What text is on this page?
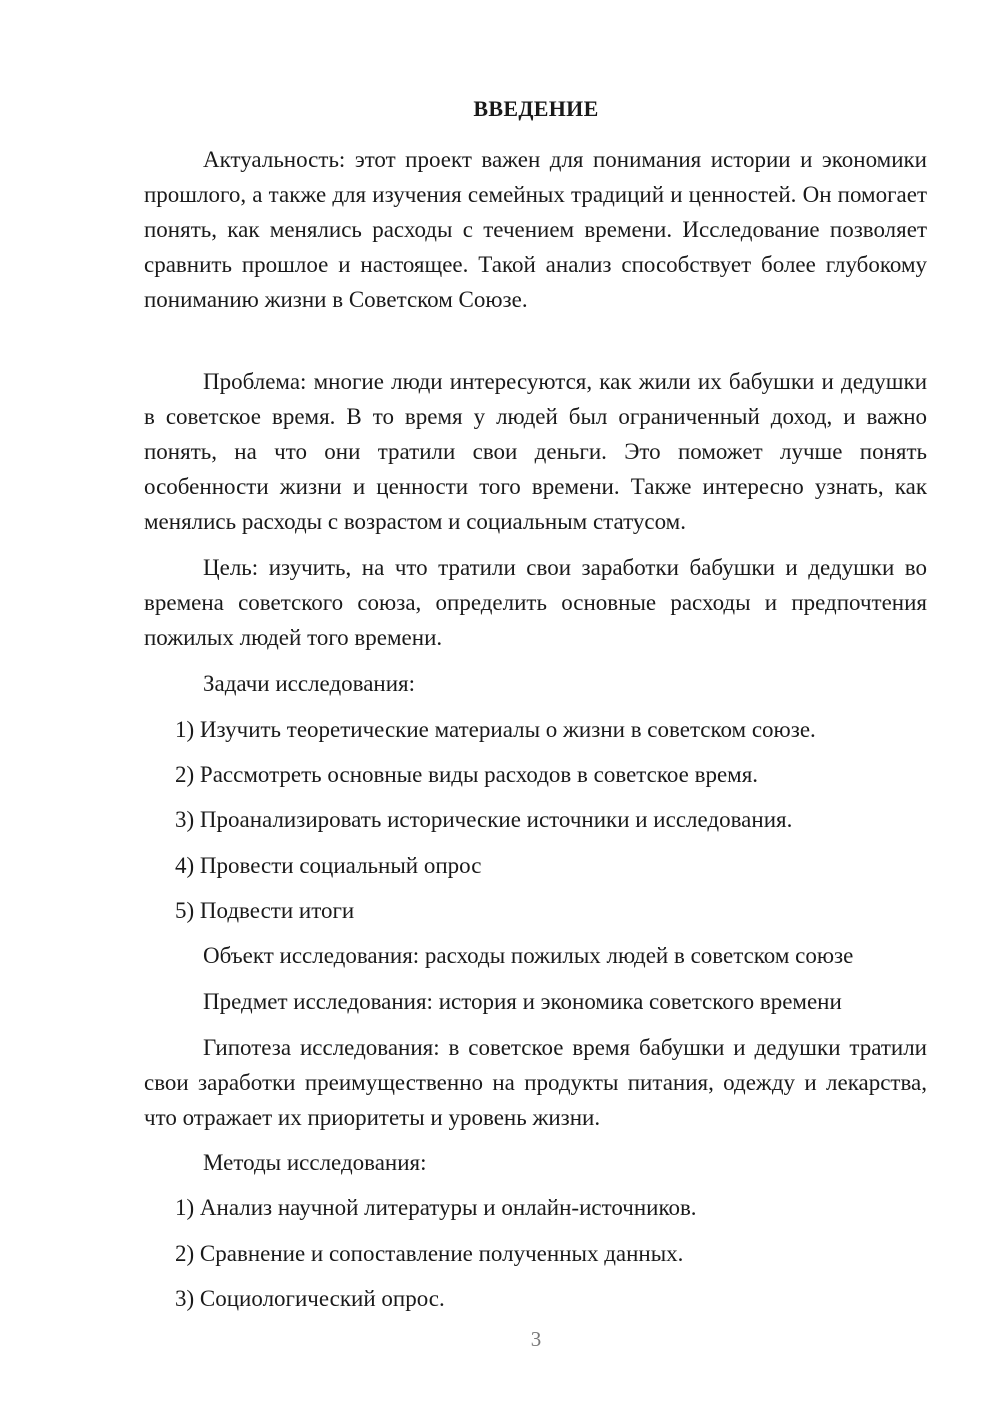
ВВЕДЕНИЕ

Актуальность: этот проект важен для понимания истории и экономики прошлого, а также для изучения семейных традиций и ценностей. Он помогает понять, как менялись расходы с течением времени. Исследование позволяет сравнить прошлое и настоящее. Такой анализ способствует более глубокому пониманию жизни в Советском Союзе.

Проблема: многие люди интересуются, как жили их бабушки и дедушки в советское время. В то время у людей был ограниченный доход, и важно понять, на что они тратили свои деньги. Это поможет лучше понять особенности жизни и ценности того времени. Также интересно узнать, как менялись расходы с возрастом и социальным статусом.

Цель: изучить, на что тратили свои заработки бабушки и дедушки во времена советского союза, определить основные расходы и предпочтения пожилых людей того времени.

Задачи исследования:

1) Изучить теоретические материалы о жизни в советском союзе.

2) Рассмотреть основные виды расходов в советское время.

3) Проанализировать исторические источники и исследования.

4) Провести социальный опрос

5) Подвести итоги

Объект исследования: расходы пожилых людей в советском союзе

Предмет исследования: история и экономика советского времени

Гипотеза исследования: в советское время бабушки и дедушки тратили свои заработки преимущественно на продукты питания, одежду и лекарства, что отражает их приоритеты и уровень жизни.

Методы исследования:

1) Анализ научной литературы и онлайн-источников.

2) Сравнение и сопоставление полученных данных.

3) Социологический опрос.

3
